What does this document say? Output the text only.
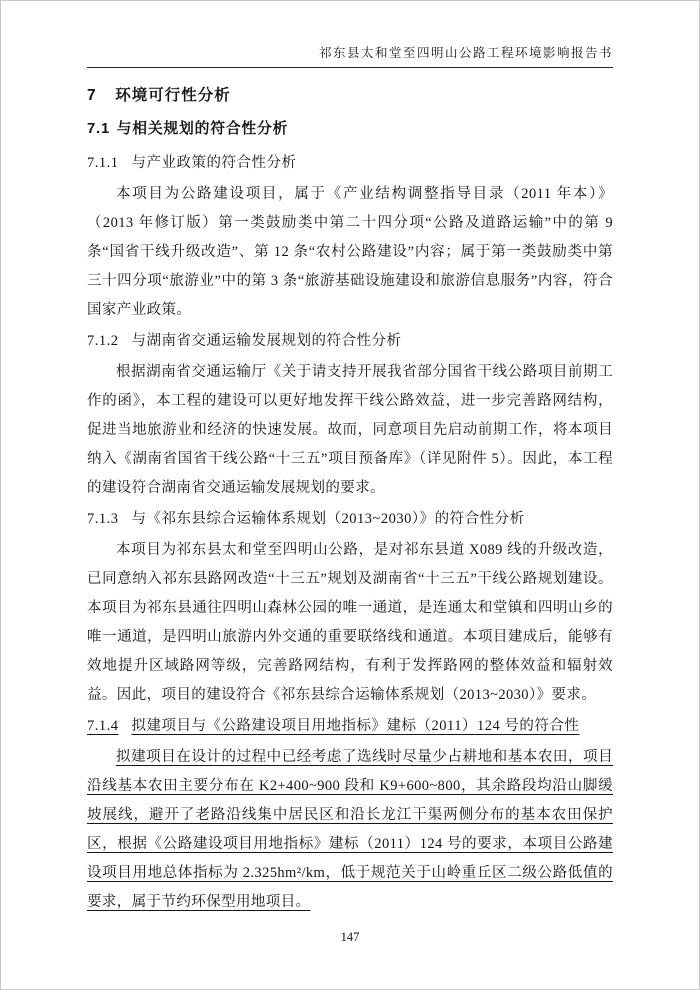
祁东县太和堂至四明山公路工程环境影响报告书
7 环境可行性分析
7.1 与相关规划的符合性分析
7.1.1 与产业政策的符合性分析

本项目为公路建设项目，属于《产业结构调整指导目录（2011 年本）》（2013 年修订版）第一类鼓励类中第二十四分项“公路及道路运输”中的第 9 条“国省干线升级改造”、第 12 条“农村公路建设”内容；属于第一类鼓励类中第三十四分项“旅游业”中的第 3 条“旅游基础设施建设和旅游信息服务”内容，符合国家产业政策。

7.1.2 与湖南省交通运输发展规划的符合性分析

根据湖南省交通运输厅《关于请支持开展我省部分国省干线公路项目前期工作的函》，本工程的建设可以更好地发挥干线公路效益，进一步完善路网结构，促进当地旅游业和经济的快速发展。故而，同意项目先启动前期工作，将本项目纳入《湖南省国省干线公路“十三五”项目预备库》（详见附件 5）。因此，本工程的建设符合湖南省交通运输发展规划的要求。

7.1.3 与《祁东县综合运输体系规划（2013~2030）》的符合性分析

本项目为祁东县太和堂至四明山公路，是对祁东县道 X089 线的升级改造，已同意纳入祁东县路网改造“十三五”规划及湖南省“十三五”干线公路规划建设。本项目为祁东县通往四明山森林公园的唯一通道，是连通太和堂镇和四明山乡的唯一通道，是四明山旅游内外交通的重要联络线和通道。本项目建成后，能够有效地提升区域路网等级，完善路网结构，有利于发挥路网的整体效益和辐射效益。因此，项目的建设符合《祁东县综合运输体系规划（2013~2030）》要求。

7.1.4 拟建项目与《公路建设项目用地指标》建标（2011）124 号的符合性

拟建项目在设计的过程中已经考虑了选线时尽量少占耕地和基本农田，项目沿线基本农田主要分布在 K2+400~900 段和 K9+600~800，其余路段均沿山脚缓坡展线，避开了老路沿线集中居民区和沿长龙江干渠两侧分布的基本农田保护区，根据《公路建设项目用地指标》建标（2011）124 号的要求，本项目公路建设项目用地总体指标为 2.325hm²/km，低于规范关于山岭重丘区二级公路低值的要求，属于节约环保型用地项目。

147
